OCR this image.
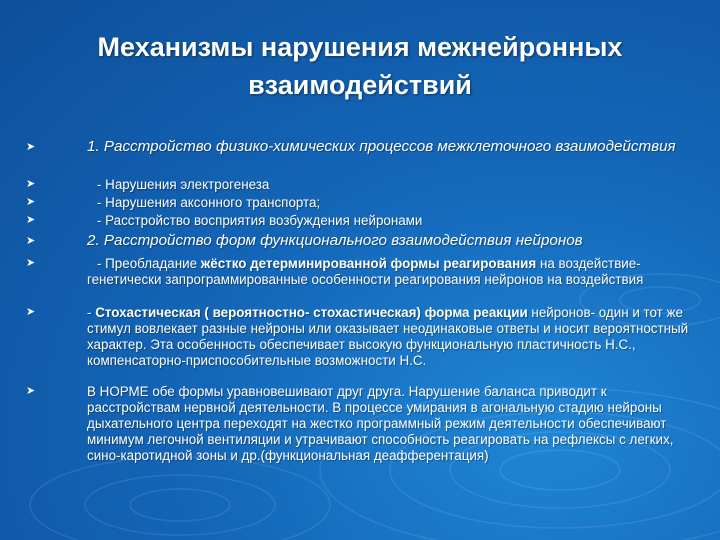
Механизмы нарушения межнейронных взаимодействий
➤	1. Расстройство физико-химических процессов межклеточного взаимодействия
➤	- Нарушения электрогенеза
➤	- Нарушения аксонного транспорта;
➤	- Расстройство восприятия возбуждения нейронами
➤	2. Расстройство форм функционального взаимодействия нейронов
➤	- Преобладание жёстко детерминированной формы реагирования на воздействие- генетически запрограммированные особенности реагирования нейронов на воздействия
➤	- Стохастическая ( вероятностно- стохастическая) форма реакции нейронов- один и тот же стимул вовлекает разные нейроны или оказывает неодинаковые ответы и носит вероятностный характер. Эта особенность обеспечивает высокую функциональную пластичность Н.С., компенсаторно-приспособительные возможности Н.С.
➤	В НОРМЕ обе формы уравновешивают друг друга. Нарушение баланса приводит к расстройствам нервной деятельности. В процессе умирания в агональную стадию нейроны дыхательного центра переходят на жестко программный режим деятельности обеспечивают минимум легочной вентиляции и утрачивают способность реагировать на рефлексы с легких, сино-каротидной зоны и др.(функциональная деафферентация)
